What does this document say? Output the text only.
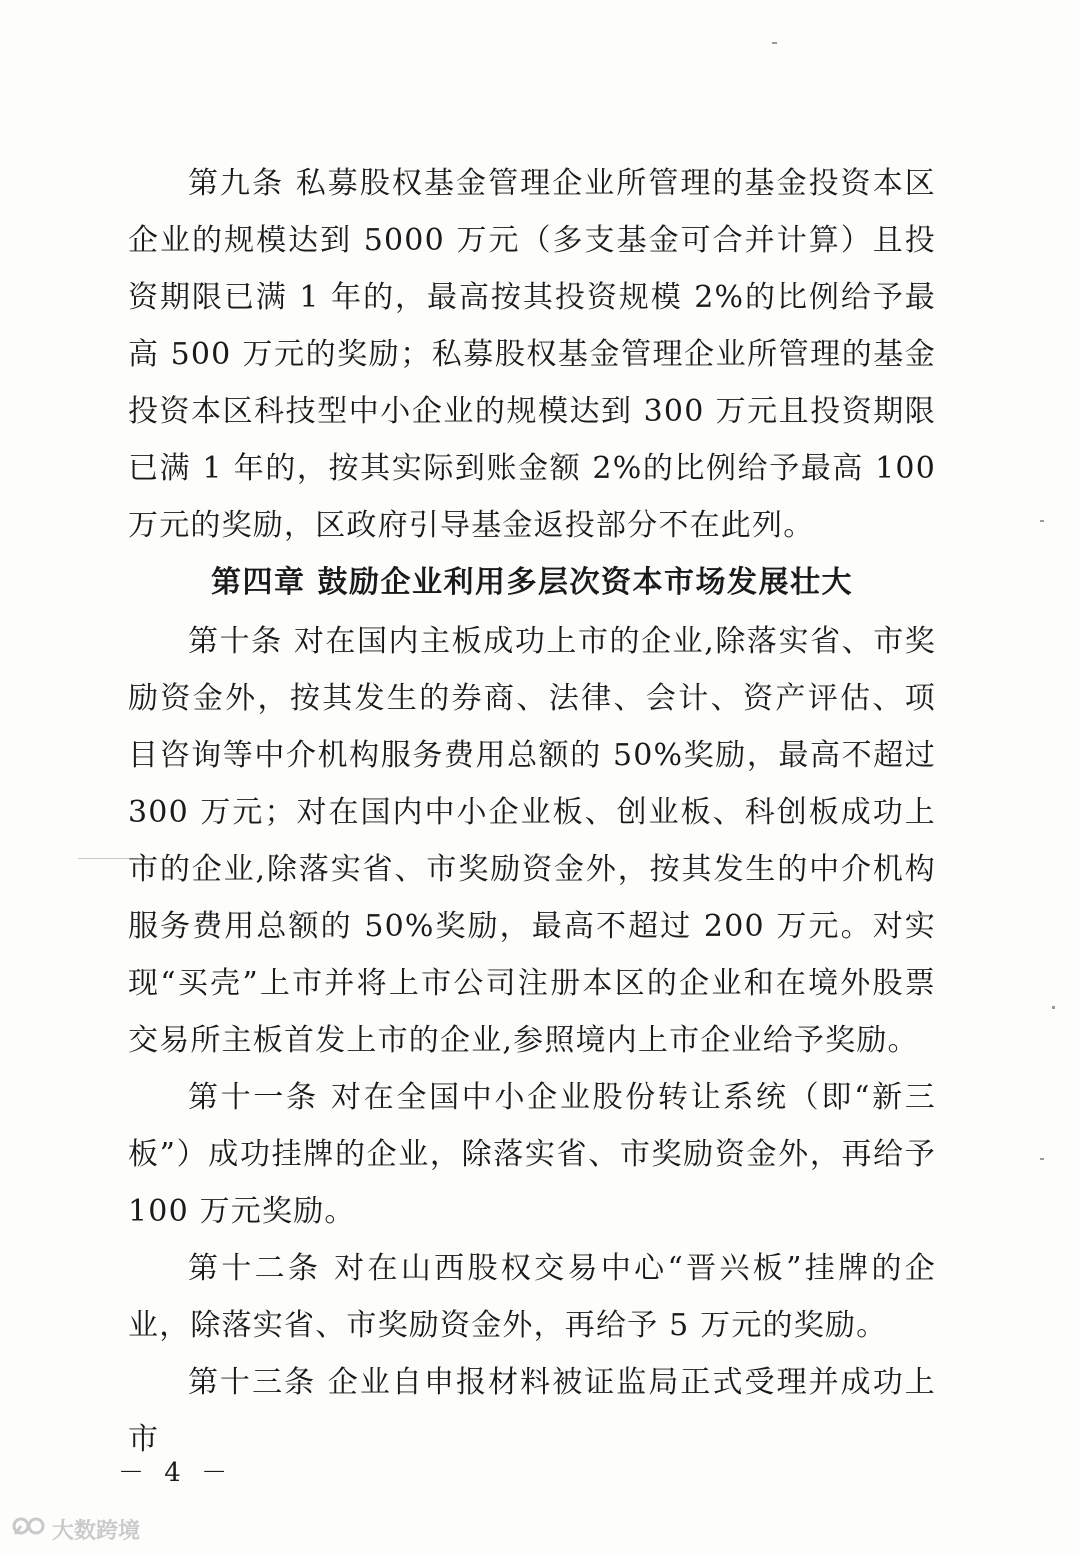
第九条 私募股权基金管理企业所管理的基金投资本区企业的规模达到 5000 万元（多支基金可合并计算）且投资期限已满 1 年的，最高按其投资规模 2%的比例给予最高 500 万元的奖励；私募股权基金管理企业所管理的基金投资本区科技型中小企业的规模达到 300 万元且投资期限已满 1 年的，按其实际到账金额 2%的比例给予最高 100 万元的奖励，区政府引导基金返投部分不在此列。

第四章 鼓励企业利用多层次资本市场发展壮大

第十条 对在国内主板成功上市的企业,除落实省、市奖励资金外，按其发生的券商、法律、会计、资产评估、项目咨询等中介机构服务费用总额的 50%奖励，最高不超过 300 万元；对在国内中小企业板、创业板、科创板成功上市的企业,除落实省、市奖励资金外，按其发生的中介机构服务费用总额的 50%奖励，最高不超过 200 万元。对实现“买壳”上市并将上市公司注册本区的企业和在境外股票交易所主板首发上市的企业,参照境内上市企业给予奖励。

第十一条 对在全国中小企业股份转让系统（即“新三板”）成功挂牌的企业，除落实省、市奖励资金外，再给予 100 万元奖励。

第十二条 对在山西股权交易中心“晋兴板”挂牌的企业，除落实省、市奖励资金外，再给予 5 万元的奖励。

第十三条 企业自申报材料被证监局正式受理并成功上市

－ 4 －
大数跨境
